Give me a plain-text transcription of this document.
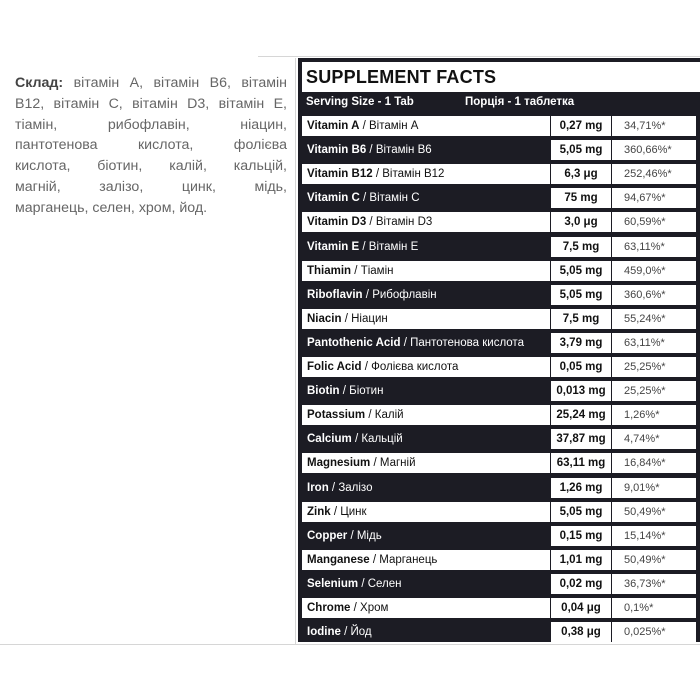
Склад: вітамін А, вітамін В6, вітамін
В12, вітамін С, вітамін D3, вітамін Е,
тіамін, рибофлавін, ніацин,
пантотенова кислота, фолієва
кислота, біотин, калій, кальцій,
магній, залізо, цинк, мідь,
марганець, селен, хром, йод.
SUPPLEMENT FACTS
Serving Size - 1 Tab	Порція - 1 таблетка
Vitamin A / Вітамін А	0,27 mg	34,71%*
Vitamin B6 / Вітамін В6	5,05 mg	360,66%*
Vitamin B12 / Вітамін В12	6,3 μg	252,46%*
Vitamin C / Вітамін С	75 mg	94,67%*
Vitamin D3 / Вітамін D3	3,0 μg	60,59%*
Vitamin E / Вітамін Е	7,5 mg	63,11%*
Thiamin / Тіамін	5,05 mg	459,0%*
Riboflavin / Рибофлавін	5,05 mg	360,6%*
Niacin / Ніацин	7,5 mg	55,24%*
Pantothenic Acid / Пантотенова кислота	3,79 mg	63,11%*
Folic Acid / Фолієва кислота	0,05 mg	25,25%*
Biotin / Біотин	0,013 mg	25,25%*
Potassium / Калій	25,24 mg	1,26%*
Calcium / Кальцій	37,87 mg	4,74%*
Magnesium / Магній	63,11 mg	16,84%*
Iron / Залізо	1,26 mg	9,01%*
Zink / Цинк	5,05 mg	50,49%*
Copper / Мідь	0,15 mg	15,14%*
Manganese / Марганець	1,01 mg	50,49%*
Selenium / Селен	0,02 mg	36,73%*
Chrome / Хром	0,04 μg	0,1%*
Iodine / Йод	0,38 μg	0,025%*
